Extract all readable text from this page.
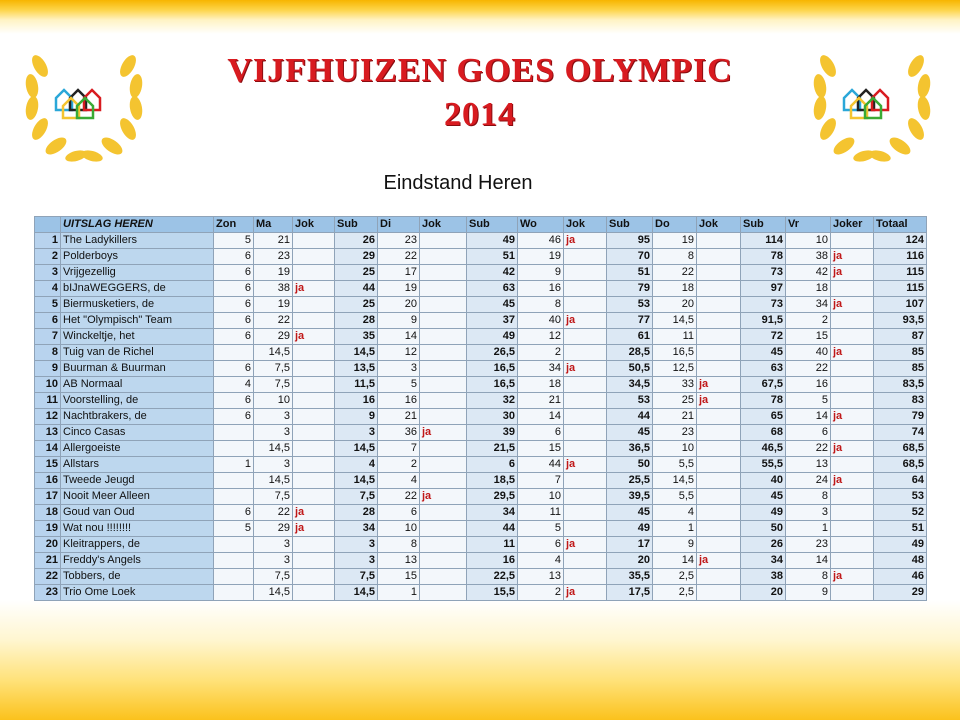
VIJFHUIZEN GOES OLYMPIC
2014
Eindstand Heren
	UITSLAG HEREN	Zon	Ma	Jok	Sub	Di	Jok	Sub	Wo	Jok	Sub	Do	Jok	Sub	Vr	Joker	Totaal
1	The Ladykillers	5	21		26	23		49	46	ja	95	19		114	10		124
2	Polderboys	6	23		29	22		51	19		70	8		78	38	ja	116
3	Vrijgezellig	6	19		25	17		42	9		51	22		73	42	ja	115
4	bIJnaWEGGERS, de	6	38	ja	44	19		63	16		79	18		97	18		115
5	Biermusketiers, de	6	19		25	20		45	8		53	20		73	34	ja	107
6	Het "Olympisch" Team	6	22		28	9		37	40	ja	77	14,5		91,5	2		93,5
7	Winckeltje, het	6	29	ja	35	14		49	12		61	11		72	15		87
8	Tuig van de Richel		14,5		14,5	12		26,5	2		28,5	16,5		45	40	ja	85
9	Buurman & Buurman	6	7,5		13,5	3		16,5	34	ja	50,5	12,5		63	22		85
10	AB Normaal	4	7,5		11,5	5		16,5	18		34,5	33	ja	67,5	16		83,5
11	Voorstelling, de	6	10		16	16		32	21		53	25	ja	78	5		83
12	Nachtbrakers, de	6	3		9	21		30	14		44	21		65	14	ja	79
13	Cinco Casas		3		3	36	ja	39	6		45	23		68	6		74
14	Allergoeiste		14,5		14,5	7		21,5	15		36,5	10		46,5	22	ja	68,5
15	Allstars	1	3		4	2		6	44	ja	50	5,5		55,5	13		68,5
16	Tweede Jeugd		14,5		14,5	4		18,5	7		25,5	14,5		40	24	ja	64
17	Nooit Meer Alleen		7,5		7,5	22	ja	29,5	10		39,5	5,5		45	8		53
18	Goud van Oud	6	22	ja	28	6		34	11		45	4		49	3		52
19	Wat nou !!!!!!!!	5	29	ja	34	10		44	5		49	1		50	1		51
20	Kleitrappers, de		3		3	8		11	6	ja	17	9		26	23		49
21	Freddy's Angels		3		3	13		16	4		20	14	ja	34	14		48
22	Tobbers, de		7,5		7,5	15		22,5	13		35,5	2,5		38	8	ja	46
23	Trio Ome Loek		14,5		14,5	1		15,5	2	ja	17,5	2,5		20	9		29
